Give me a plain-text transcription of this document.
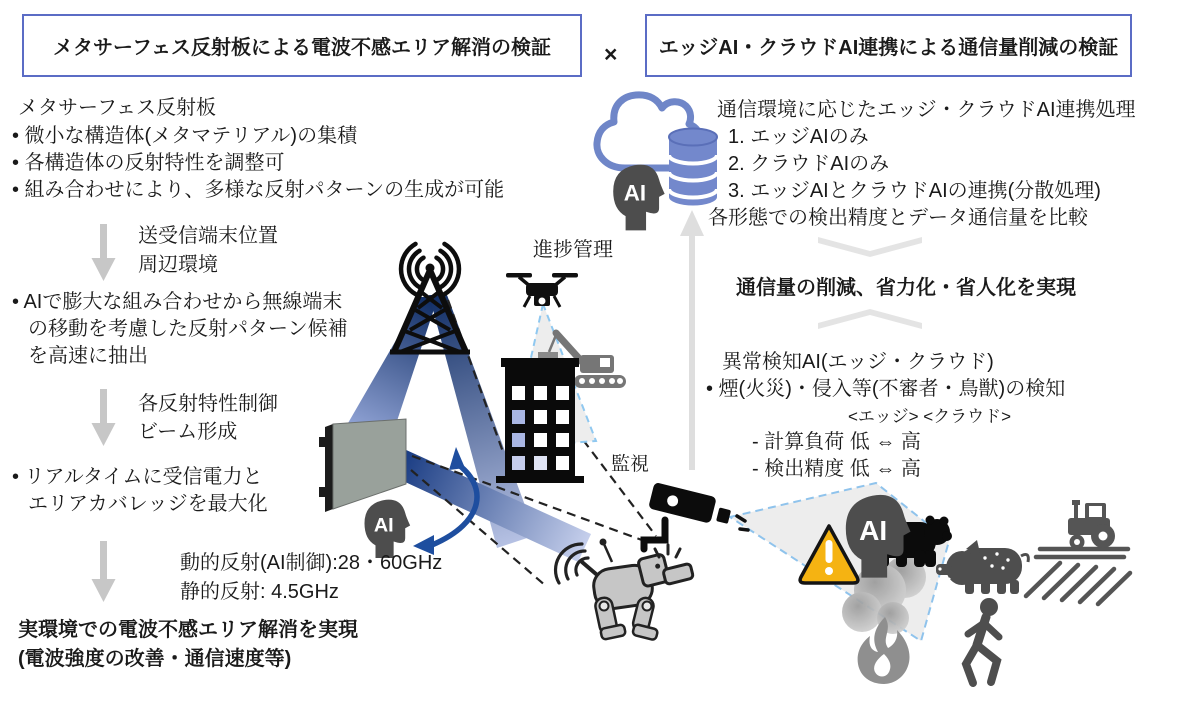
メタサーフェス反射板による電波不感エリア解消の検証 × エッジAI・クラウドAI連携による通信量削減の検証
メタサーフェス反射板
• 微小な構造体(メタマテリアル)の集積
• 各構造体の反射特性を調整可
• 組み合わせにより、多様な反射パターンの生成が可能
送受信端末位置
周辺環境
• AIで膨大な組み合わせから無線端末
の移動を考慮した反射パターン候補
を高速に抽出
各反射特性制御
ビーム形成
• リアルタイムに受信電力と
エリアカバレッジを最大化
動的反射(AI制御):28・60GHz
静的反射: 4.5GHz
実環境での電波不感エリア解消を実現
(電波強度の改善・通信速度等)
進捗管理
監視
通信環境に応じたエッジ・クラウドAI連携処理
1. エッジAIのみ
2. クラウドAIのみ
3. エッジAIとクラウドAIの連携(分散処理)
各形態での検出精度とデータ通信量を比較
通信量の削減、省力化・省人化を実現
異常検知AI(エッジ・クラウド)
• 煙(火災)・侵入等(不審者・鳥獣)の検知
<エッジ> <クラウド>
- 計算負荷 低 ⇔ 高
- 検出精度 低 ⇔ 高
